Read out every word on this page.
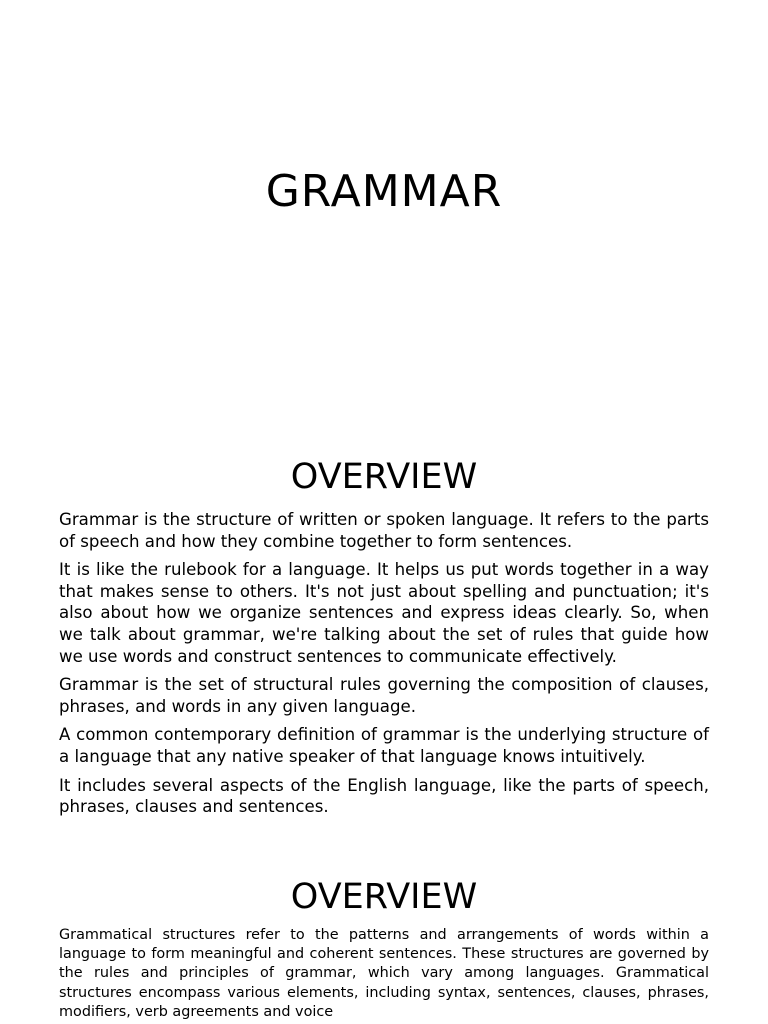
GRAMMAR
OVERVIEW

Grammar is the structure of written or spoken language. It refers to the parts of speech and how they combine together to form sentences.

It is like the rulebook for a language. It helps us put words together in a way that makes sense to others. It's not just about spelling and punctuation; it's also about how we organize sentences and express ideas clearly. So, when we talk about grammar, we're talking about the set of rules that guide how we use words and construct sentences to communicate effectively.

Grammar is the set of structural rules governing the composition of clauses, phrases, and words in any given language.

A common contemporary definition of grammar is the underlying structure of a language that any native speaker of that language knows intuitively.

It includes several aspects of the English language, like the parts of speech, phrases, clauses and sentences.

OVERVIEW

Grammatical structures refer to the patterns and arrangements of words within a language to form meaningful and coherent sentences. These structures are governed by the rules and principles of grammar, which vary among languages. Grammatical structures encompass various elements, including syntax, sentences, clauses, phrases, modifiers, verb agreements and voice
